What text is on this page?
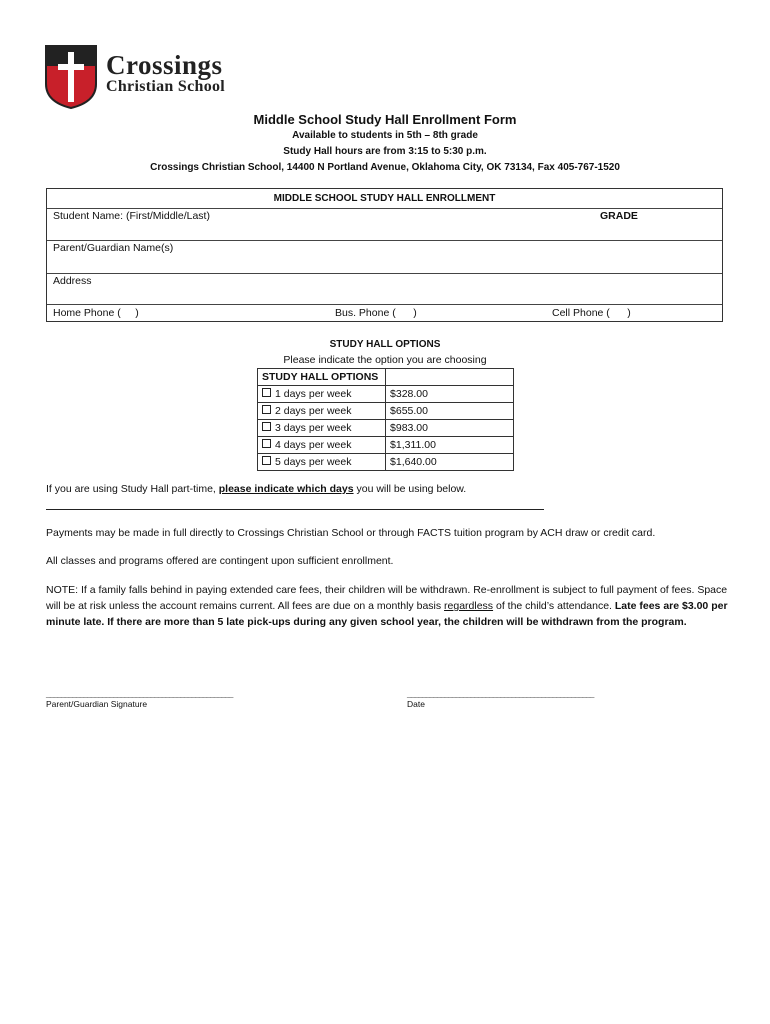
Crossings
Christian School
Middle School Study Hall Enrollment Form
Available to students in 5th – 8th grade
Study Hall hours are from 3:15 to 5:30 p.m.
Crossings Christian School, 14400 N Portland Avenue, Oklahoma City, OK 73134, Fax 405-767-1520
MIDDLE SCHOOL STUDY HALL ENROLLMENT
Student Name: (First/Middle/Last)	GRADE
Parent/Guardian Name(s)
Address
Home Phone (     )	Bus. Phone (      )	Cell Phone (      )
STUDY HALL OPTIONS
Please indicate the option you are choosing
STUDY HALL OPTIONS	
1 days per week	$328.00
2 days per week	$655.00
3 days per week	$983.00
4 days per week	$1,311.00
5 days per week	$1,640.00
If you are using Study Hall part-time, please indicate which days you will be using below.
Payments may be made in full directly to Crossings Christian School or through FACTS tuition program by ACH draw or credit card.
All classes and programs offered are contingent upon sufficient enrollment.
NOTE: If a family falls behind in paying extended care fees, their children will be withdrawn. Re-enrollment is subject to full payment of fees. Space will be at risk unless the account remains current. All fees are due on a monthly basis regardless of the child’s attendance. Late fees are $3.00 per minute late. If there are more than 5 late pick-ups during any given school year, the children will be withdrawn from the program.
__________________________________________________
Parent/Guardian Signature
__________________________________________________
Date
